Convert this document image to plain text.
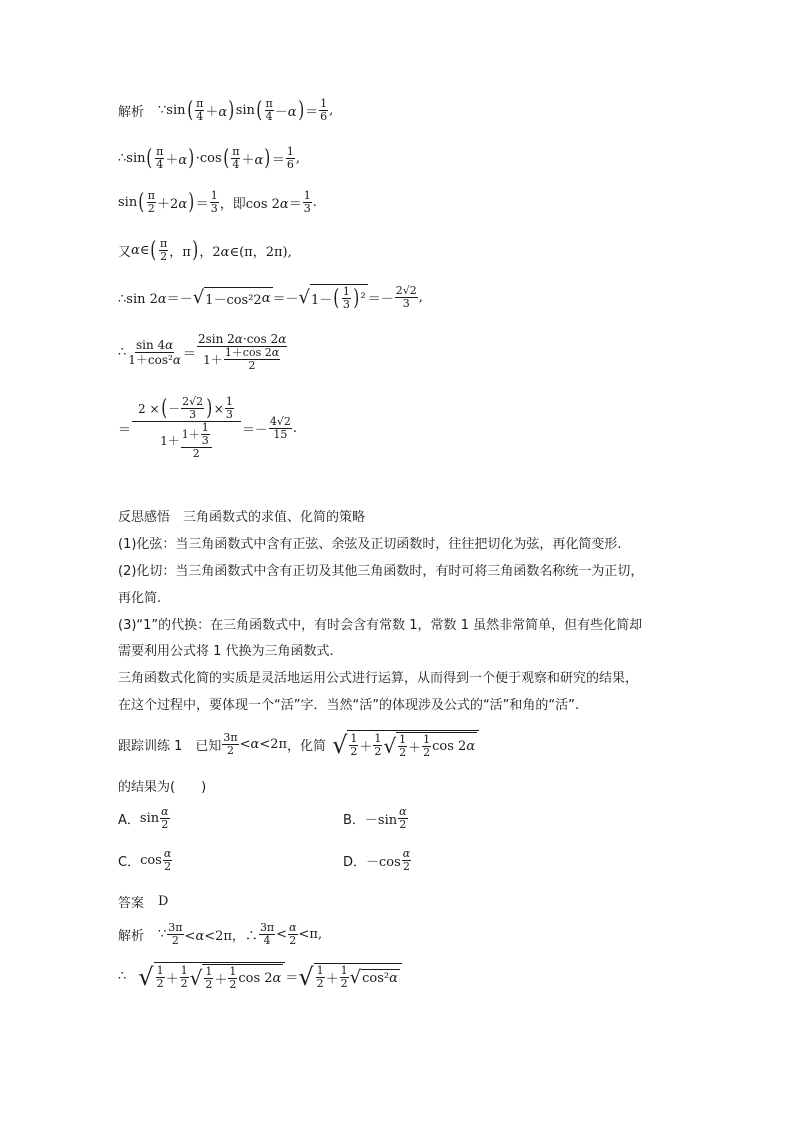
解析 ∵sin ( π
4 ＋α ) sin ( π
4 －α ) ＝
1
6 ,
∴sin ( π
4 ＋α ) ·cos ( π
4 ＋α ) ＝
1
6 ,
sin ( π
2 ＋2α ) ＝
1
3 ，即 cos 2α＝
1
3 .
又 α∈ ( π
2 ，π ) ，2α∈(π，2π),
∴sin 2α＝－ √ 1－cos²2 α ＝－ √ 1－ ( 1
3 ) ² ＝－
2√2
3 ,
∴ sin 4α
1＋cos²α ＝
2sin 2α·cos 2α
1＋ 1＋cos 2α
2
＝
2 × ( － 2√2
3 ) × 1
3
1＋ 1＋ 1
3
2
＝－
4√2
15 .
反思感悟　三角函数式的求值、化简的策略
(1)化弦：当三角函数式中含有正弦、余弦及正切函数时，往往把切化为弦，再化简变形.
(2)化切：当三角函数式中含有正切及其他三角函数时，有时可将三角函数名称统一为正切，
再化简.
(3)“1”的代换：在三角函数式中，有时会含有常数 1，常数 1 虽然非常简单，但有些化简却
需要利用公式将 1 代换为三角函数式.
三角函数式化简的实质是灵活地运用公式进行运算，从而得到一个便于观察和研究的结果，
在这个过程中，要体现一个“活”字．当然“活”的体现涉及公式的“活”和角的“活”.
跟踪训练 1　已知
3π
2 <α<2π ，化简 √ 1
2 ＋
1
2 √ 1
2 ＋
1
2 cos 2 α
的结果为(　　)
A． sin α
2	B． －sin
α
2
C． cos α
2	D． －cos
α
2
答案 D
解析 ∵ 3π
2 <α<2π，∴
3π
4 < α
2 <π,
∴ √ 1
2 ＋
1
2 √ 1
2 ＋
1
2 cos 2 α ＝ √ 1
2 ＋
1
2 √ cos² α
